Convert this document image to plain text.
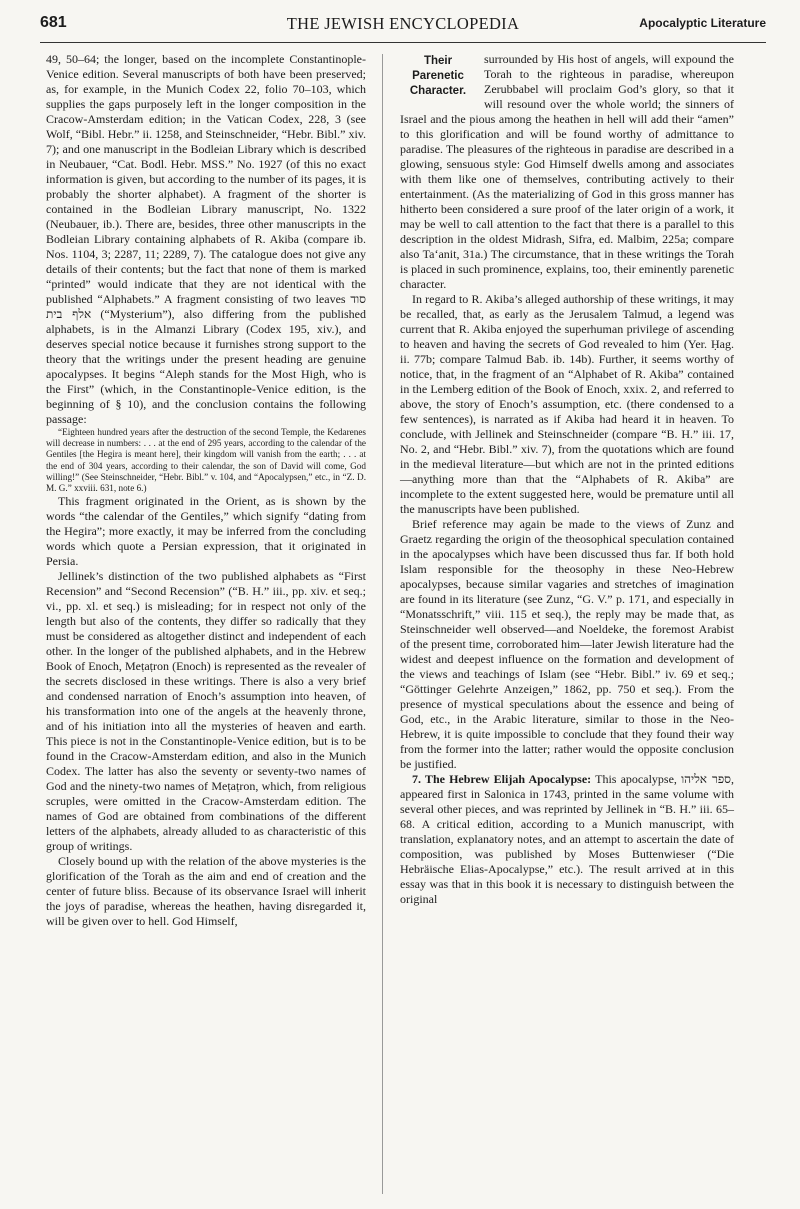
681	THE JEWISH ENCYCLOPEDIA	Apocalyptic Literature

49, 50–64; the longer, based on the incomplete Constantinople-Venice edition. Several manuscripts of both have been preserved; as, for example, in the Munich Codex 22, folio 70–103, which supplies the gaps purposely left in the longer composition in the Cracow-Amsterdam edition; in the Vatican Codex, 228, 3 (see Wolf, “Bibl. Hebr.” ii. 1258, and Steinschneider, “Hebr. Bibl.” xiv. 7); and one manuscript in the Bodleian Library which is described in Neubauer, “Cat. Bodl. Hebr. MSS.” No. 1927 (of this no exact information is given, but according to the number of its pages, it is probably the shorter alphabet). A fragment of the shorter is contained in the Bodleian Library manuscript, No. 1322 (Neubauer, ib.). There are, besides, three other manuscripts in the Bodleian Library containing alphabets of R. Akiba (compare ib. Nos. 1104, 3; 2287, 11; 2289, 7). The catalogue does not give any details of their contents; but the fact that none of them is marked “printed” would indicate that they are not identical with the published “Alphabets.” A fragment consisting of two leaves סוד אלף בית (“Mysterium”), also differing from the published alphabets, is in the Almanzi Library (Codex 195, xiv.), and deserves special notice because it furnishes strong support to the theory that the writings under the present heading are genuine apocalypses. It begins “Aleph stands for the Most High, who is the First” (which, in the Constantinople-Venice edition, is the beginning of § 10), and the conclusion contains the following passage:

“Eighteen hundred years after the destruction of the second Temple, the Kedarenes will decrease in numbers: . . . at the end of 295 years, according to the calendar of the Gentiles [the Hegira is meant here], their kingdom will vanish from the earth; . . . at the end of 304 years, according to their calendar, the son of David will come, God willing!” (See Steinschneider, “Hebr. Bibl.” v. 104, and “Apocalypsen,” etc., in “Z. D. M. G.” xxviii. 631, note 6.)

This fragment originated in the Orient, as is shown by the words “the calendar of the Gentiles,” which signify “dating from the Hegira”; more exactly, it may be inferred from the concluding words which quote a Persian expression, that it originated in Persia.

Jellinek’s distinction of the two published alphabets as “First Recension” and “Second Recension” (“B. H.” iii., pp. xiv. et seq.; vi., pp. xl. et seq.) is misleading; for in respect not only of the length but also of the contents, they differ so radically that they must be considered as altogether distinct and independent of each other. In the longer of the published alphabets, and in the Hebrew Book of Enoch, Meṭaṭron (Enoch) is represented as the revealer of the secrets disclosed in these writings. There is also a very brief and condensed narration of Enoch’s assumption into heaven, of his transformation into one of the angels at the heavenly throne, and of his initiation into all the mysteries of heaven and earth. This piece is not in the Constantinople-Venice edition, but is to be found in the Cracow-Amsterdam edition, and also in the Munich Codex. The latter has also the seventy or seventy-two names of God and the ninety-two names of Meṭaṭron, which, from religious scruples, were omitted in the Cracow-Amsterdam edition. The names of God are obtained from combinations of the different letters of the alphabets, already alluded to as characteristic of this group of writings.

Closely bound up with the relation of the above mysteries is the glorification of the Torah as the aim and end of creation and the center of future bliss. Because of its observance Israel will inherit the joys of paradise, whereas the heathen, having disregarded it, will be given over to hell. God Himself,

Their Parenetic Character.
surrounded by His host of angels, will expound the Torah to the righteous in paradise, whereupon Zerubbabel will proclaim God’s glory, so that it will resound over the whole world; the sinners of Israel and the pious among the heathen in hell will add their “amen” to this glorification and will be found worthy of admittance to paradise. The pleasures of the righteous in paradise are described in a glowing, sensuous style: God Himself dwells among and associates with them like one of themselves, contributing actively to their entertainment. (As the materializing of God in this gross manner has hitherto been considered a sure proof of the later origin of a work, it may be well to call attention to the fact that there is a parallel to this description in the oldest Midrash, Sifra, ed. Malbim, 225a; compare also Ta‘anit, 31a.) The circumstance, that in these writings the Torah is placed in such prominence, explains, too, their eminently parenetic character.

In regard to R. Akiba’s alleged authorship of these writings, it may be recalled, that, as early as the Jerusalem Talmud, a legend was current that R. Akiba enjoyed the superhuman privilege of ascending to heaven and having the secrets of God revealed to him (Yer. Ḥag. ii. 77b; compare Talmud Bab. ib. 14b). Further, it seems worthy of notice, that, in the fragment of an “Alphabet of R. Akiba” contained in the Lemberg edition of the Book of Enoch, xxix. 2, and referred to above, the story of Enoch’s assumption, etc. (there condensed to a few sentences), is narrated as if Akiba had heard it in heaven. To conclude, with Jellinek and Steinschneider (compare “B. H.” iii. 17, No. 2, and “Hebr. Bibl.” xiv. 7), from the quotations which are found in the medieval literature—but which are not in the printed editions—anything more than that the “Alphabets of R. Akiba” are incomplete to the extent suggested here, would be premature until all the manuscripts have been published.

Brief reference may again be made to the views of Zunz and Graetz regarding the origin of the theosophical speculation contained in the apocalypses which have been discussed thus far. If both hold Islam responsible for the theosophy in these Neo-Hebrew apocalypses, because similar vagaries and stretches of imagination are found in its literature (see Zunz, “G. V.” p. 171, and especially in “Monatsschrift,” viii. 115 et seq.), the reply may be made that, as Steinschneider well observed—and Noeldeke, the foremost Arabist of the present time, corroborated him—later Jewish literature had the widest and deepest influence on the formation and development of the views and teachings of Islam (see “Hebr. Bibl.” iv. 69 et seq.; “Göttinger Gelehrte Anzeigen,” 1862, pp. 750 et seq.). From the presence of mystical speculations about the essence and being of God, etc., in the Arabic literature, similar to those in the Neo-Hebrew, it is quite impossible to conclude that they found their way from the former into the latter; rather would the opposite conclusion be justified.

7. The Hebrew Elijah Apocalypse: This apocalypse, ספר אליהו, appeared first in Salonica in 1743, printed in the same volume with several other pieces, and was reprinted by Jellinek in “B. H.” iii. 65–68. A critical edition, according to a Munich manuscript, with translation, explanatory notes, and an attempt to ascertain the date of composition, was published by Moses Buttenwieser (“Die Hebräische Elias-Apocalypse,” etc.). The result arrived at in this essay was that in this book it is necessary to distinguish between the original
